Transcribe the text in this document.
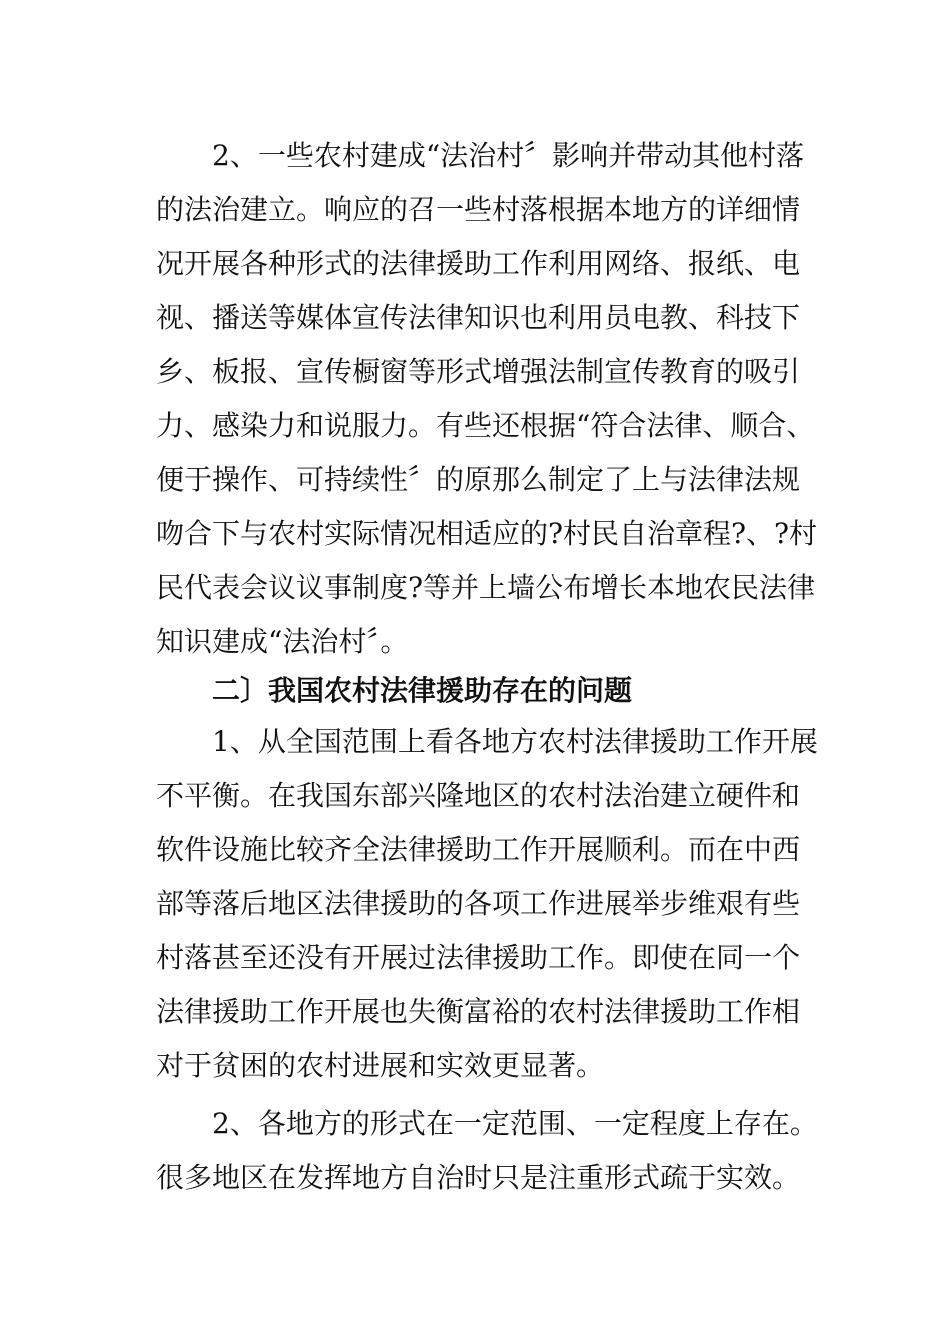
2、一些农村建成“法治村〞影响并带动其他村落
的法治建立。响应的召一些村落根据本地方的详细情
况开展各种形式的法律援助工作利用网络、报纸、电
视、播送等媒体宣传法律知识也利用员电教、科技下
乡、板报、宣传橱窗等形式增强法制宣传教育的吸引
力、感染力和说服力。有些还根据“符合法律、顺合、
便于操作、可持续性〞的原那么制定了上与法律法规
吻合下与农村实际情况相适应的?村民自治章程?、?村
民代表会议议事制度?等并上墙公布增长本地农民法律
知识建成“法治村〞。
二〕我国农村法律援助存在的问题
1、从全国范围上看各地方农村法律援助工作开展
不平衡。在我国东部兴隆地区的农村法治建立硬件和
软件设施比较齐全法律援助工作开展顺利。而在中西
部等落后地区法律援助的各项工作进展举步维艰有些
村落甚至还没有开展过法律援助工作。即使在同一个
法律援助工作开展也失衡富裕的农村法律援助工作相
对于贫困的农村进展和实效更显著。
2、各地方的形式在一定范围、一定程度上存在。
很多地区在发挥地方自治时只是注重形式疏于实效。
